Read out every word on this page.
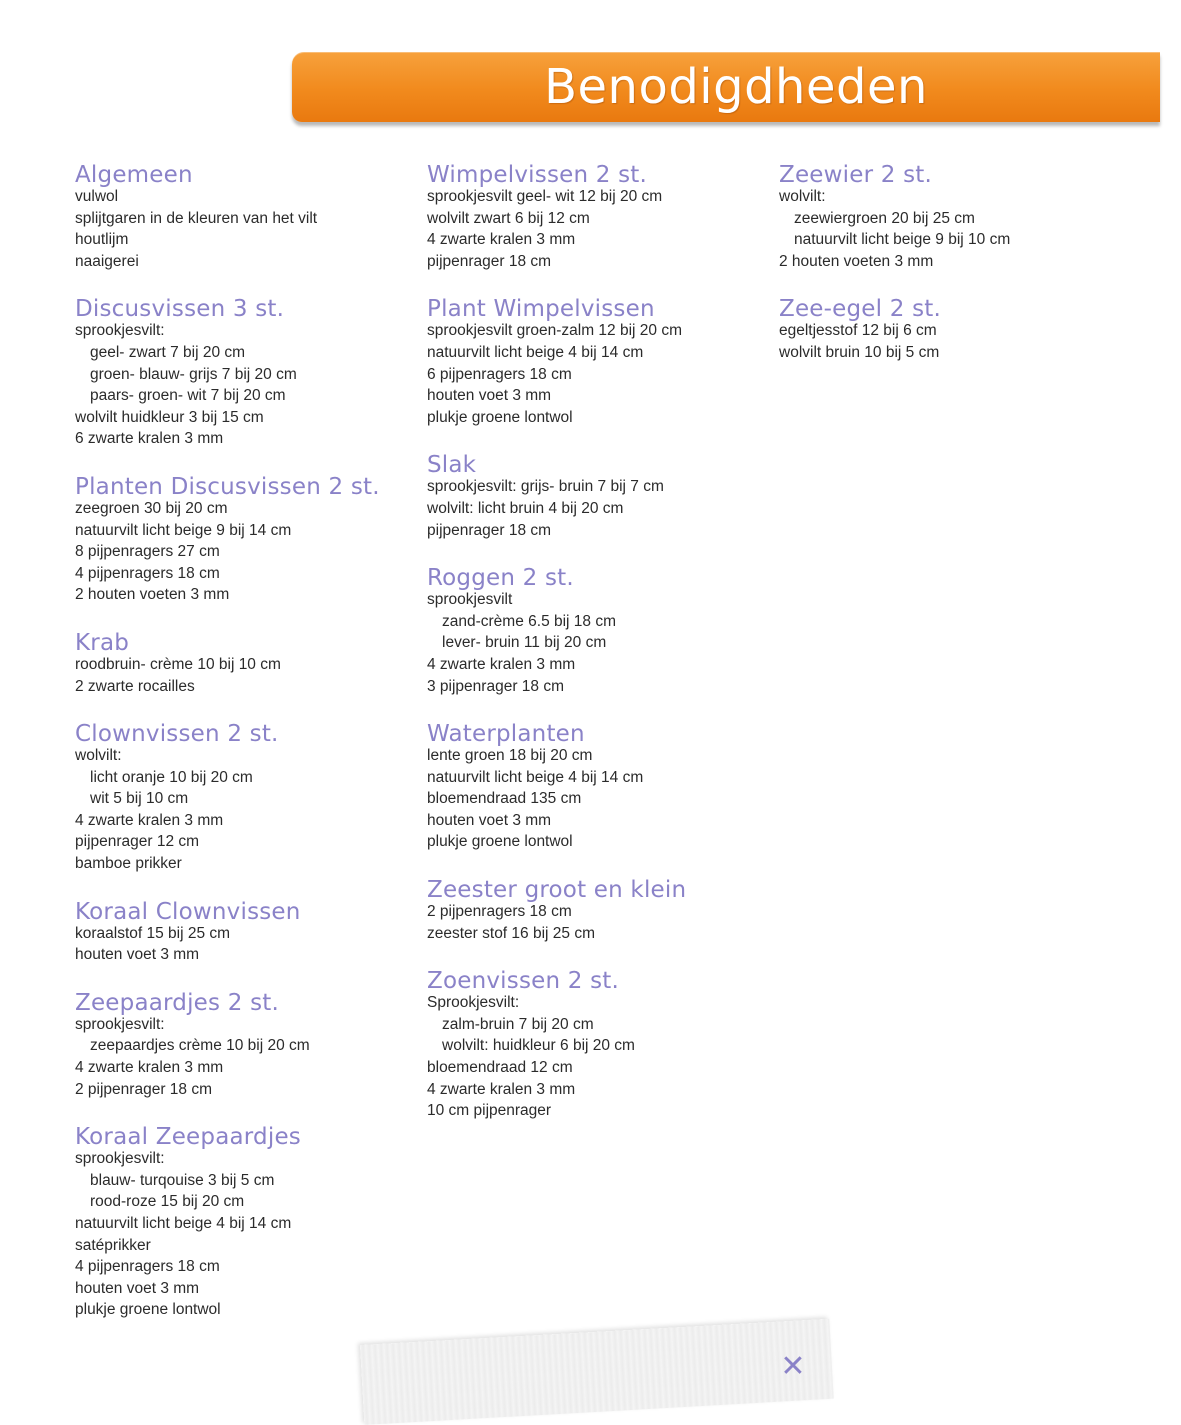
Benodigdheden
Algemeen
vulwol
splijtgaren in de kleuren van het vilt
houtlijm
naaigerei
Discusvissen 3 st.
sprookjesvilt:
geel- zwart 7 bij 20 cm
groen- blauw- grijs 7 bij 20 cm
paars- groen- wit 7 bij 20 cm
wolvilt huidkleur 3 bij 15 cm
6 zwarte kralen 3 mm
Planten Discusvissen 2 st.
zeegroen 30 bij 20 cm
natuurvilt licht beige 9 bij 14 cm
8 pijpenragers 27 cm
4 pijpenragers 18 cm
2 houten voeten 3 mm
Krab
roodbruin- crème 10 bij 10 cm
2 zwarte rocailles
Clownvissen 2 st.
wolvilt:
licht oranje 10 bij 20 cm
wit 5 bij 10 cm
4 zwarte kralen 3 mm
pijpenrager 12 cm
bamboe prikker
Koraal Clownvissen
koraalstof 15 bij 25 cm
houten voet 3 mm
Zeepaardjes 2 st.
sprookjesvilt:
zeepaardjes crème 10 bij 20 cm
4 zwarte kralen 3 mm
2 pijpenrager 18 cm
Koraal Zeepaardjes
sprookjesvilt:
blauw- turqouise 3 bij 5 cm
rood-roze 15 bij 20 cm
natuurvilt licht beige 4 bij 14 cm
satéprikker
4 pijpenragers 18 cm
houten voet 3 mm
plukje groene lontwol
Wimpelvissen 2 st.
sprookjesvilt geel- wit 12 bij 20 cm
wolvilt zwart 6 bij 12 cm
4 zwarte kralen 3 mm
pijpenrager 18 cm
Plant Wimpelvissen
sprookjesvilt groen-zalm 12 bij 20 cm
natuurvilt licht beige 4 bij 14 cm
6 pijpenragers 18 cm
houten voet 3 mm
plukje groene lontwol
Slak
sprookjesvilt: grijs- bruin 7 bij 7 cm
wolvilt: licht bruin 4 bij 20 cm
pijpenrager 18 cm
Roggen 2 st.
sprookjesvilt
zand-crème 6.5 bij 18 cm
lever- bruin 11 bij 20 cm
4 zwarte kralen 3 mm
3 pijpenrager 18 cm
Waterplanten
lente groen 18 bij 20 cm
natuurvilt licht beige 4 bij 14 cm
bloemendraad 135 cm
houten voet 3 mm
plukje groene lontwol
Zeester groot en klein
2 pijpenragers 18 cm
zeester stof 16 bij 25 cm
Zoenvissen 2 st.
Sprookjesvilt:
zalm-bruin 7 bij 20 cm
wolvilt: huidkleur 6 bij 20 cm
bloemendraad 12 cm
4 zwarte kralen 3 mm
10 cm pijpenrager
Zeewier 2 st.
wolvilt:
zeewiergroen 20 bij 25 cm
natuurvilt licht beige 9 bij 10 cm
2 houten voeten 3 mm
Zee-egel 2 st.
egeltjesstof 12 bij 6 cm
wolvilt bruin 10 bij 5 cm
✕
